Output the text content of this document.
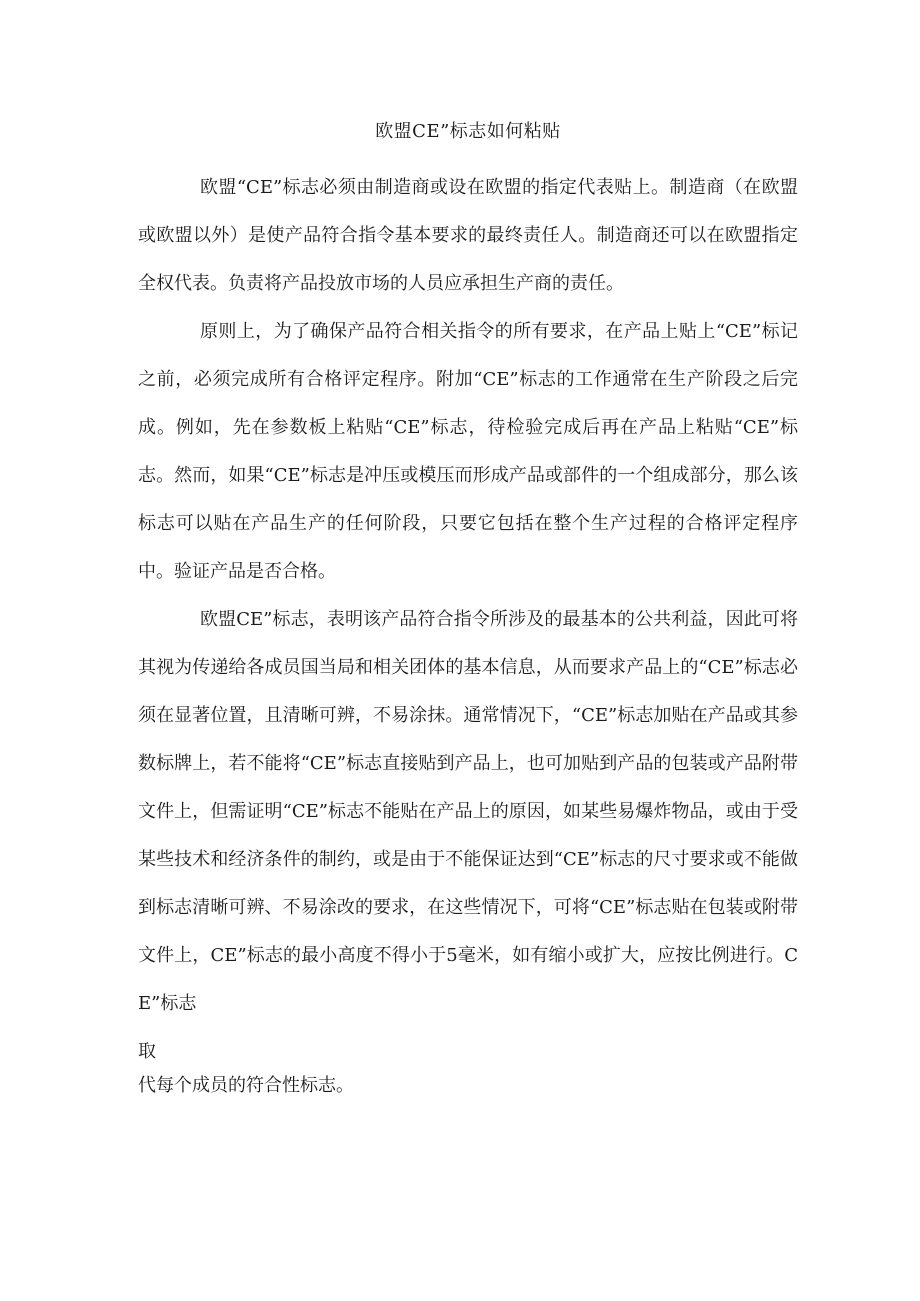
欧盟CE”标志如何粘贴

欧盟“CE”标志必须由制造商或设在欧盟的指定代表贴上。制造商（在欧盟或欧盟以外）是使产品符合指令基本要求的最终责任人。制造商还可以在欧盟指定全权代表。负责将产品投放市场的人员应承担生产商的责任。

原则上，为了确保产品符合相关指令的所有要求，在产品上贴上“CE”标记之前，必须完成所有合格评定程序。附加“CE”标志的工作通常在生产阶段之后完成。例如，先在参数板上粘贴“CE”标志，待检验完成后再在产品上粘贴“CE”标志。然而，如果“CE”标志是冲压或模压而形成产品或部件的一个组成部分，那么该标志可以贴在产品生产的任何阶段，只要它包括在整个生产过程的合格评定程序中。验证产品是否合格。

欧盟CE”标志，表明该产品符合指令所涉及的最基本的公共利益，因此可将其视为传递给各成员国当局和相关团体的基本信息，从而要求产品上的“CE”标志必须在显著位置，且清晰可辨，不易涂抹。通常情况下，“CE”标志加贴在产品或其参数标牌上，若不能将“CE”标志直接贴到产品上，也可加贴到产品的包装或产品附带文件上，但需证明“CE”标志不能贴在产品上的原因，如某些易爆炸物品，或由于受某些技术和经济条件的制约，或是由于不能保证达到“CE”标志的尺寸要求或不能做到标志清晰可辨、不易涂改的要求，在这些情况下，可将“CE”标志贴在包装或附带文件上，CE”标志的最小高度不得小于5毫米，如有缩小或扩大，应按比例进行。CE”标志

取

代每个成员的符合性标志。
